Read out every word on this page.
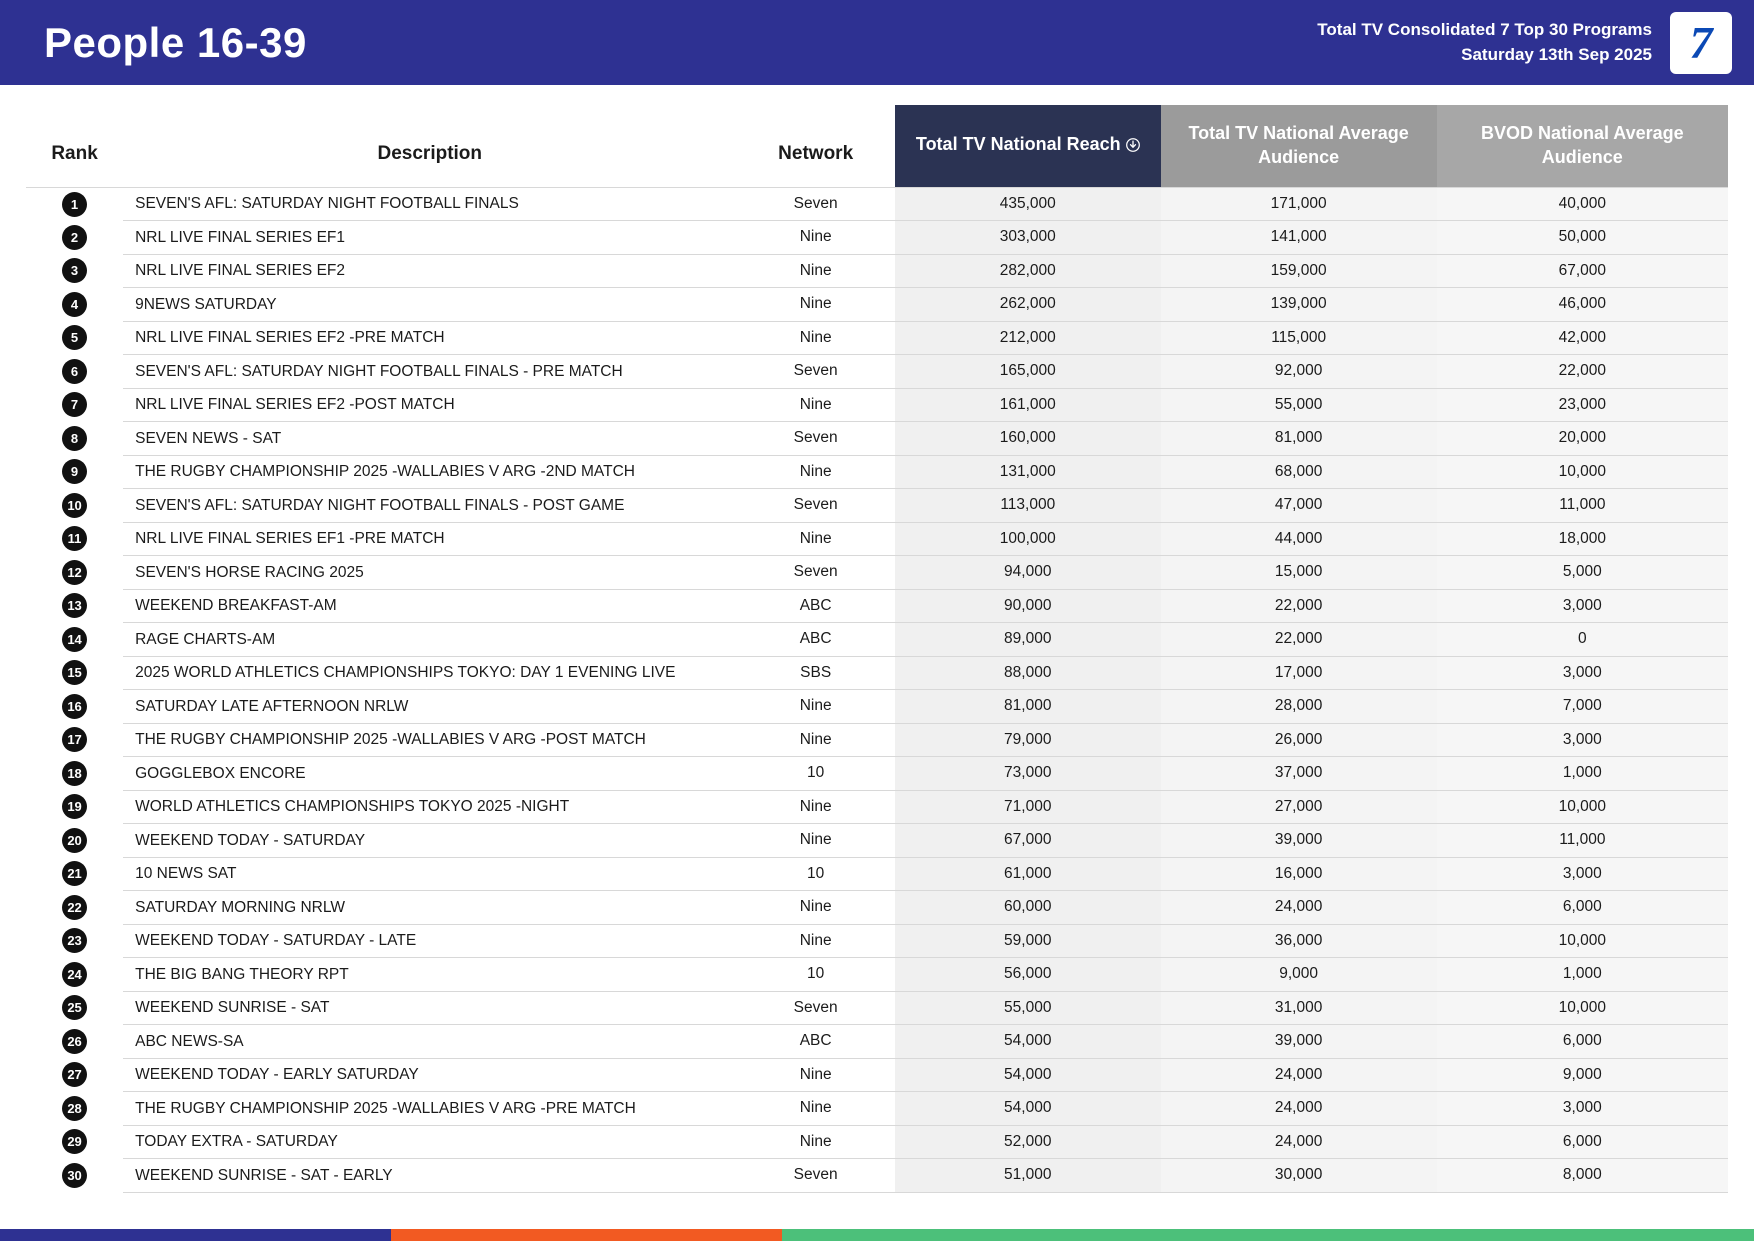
People 16-39	Total TV Consolidated 7 Top 30 Programs
Saturday 13th Sep 2025 7
Rank	Description	Network	Total TV National Reach	Total TV National Average Audience	BVOD National Average Audience
1	SEVEN'S AFL: SATURDAY NIGHT FOOTBALL FINALS	Seven	435,000	171,000	40,000
2	NRL LIVE FINAL SERIES EF1	Nine	303,000	141,000	50,000
3	NRL LIVE FINAL SERIES EF2	Nine	282,000	159,000	67,000
4	9NEWS SATURDAY	Nine	262,000	139,000	46,000
5	NRL LIVE FINAL SERIES EF2 -PRE MATCH	Nine	212,000	115,000	42,000
6	SEVEN'S AFL: SATURDAY NIGHT FOOTBALL FINALS - PRE MATCH	Seven	165,000	92,000	22,000
7	NRL LIVE FINAL SERIES EF2 -POST MATCH	Nine	161,000	55,000	23,000
8	SEVEN NEWS - SAT	Seven	160,000	81,000	20,000
9	THE RUGBY CHAMPIONSHIP 2025 -WALLABIES V ARG -2ND MATCH	Nine	131,000	68,000	10,000
10	SEVEN'S AFL: SATURDAY NIGHT FOOTBALL FINALS - POST GAME	Seven	113,000	47,000	11,000
11	NRL LIVE FINAL SERIES EF1 -PRE MATCH	Nine	100,000	44,000	18,000
12	SEVEN'S HORSE RACING 2025	Seven	94,000	15,000	5,000
13	WEEKEND BREAKFAST-AM	ABC	90,000	22,000	3,000
14	RAGE CHARTS-AM	ABC	89,000	22,000	0
15	2025 WORLD ATHLETICS CHAMPIONSHIPS TOKYO: DAY 1 EVENING LIVE	SBS	88,000	17,000	3,000
16	SATURDAY LATE AFTERNOON NRLW	Nine	81,000	28,000	7,000
17	THE RUGBY CHAMPIONSHIP 2025 -WALLABIES V ARG -POST MATCH	Nine	79,000	26,000	3,000
18	GOGGLEBOX ENCORE	10	73,000	37,000	1,000
19	WORLD ATHLETICS CHAMPIONSHIPS TOKYO 2025 -NIGHT	Nine	71,000	27,000	10,000
20	WEEKEND TODAY - SATURDAY	Nine	67,000	39,000	11,000
21	10 NEWS SAT	10	61,000	16,000	3,000
22	SATURDAY MORNING NRLW	Nine	60,000	24,000	6,000
23	WEEKEND TODAY - SATURDAY - LATE	Nine	59,000	36,000	10,000
24	THE BIG BANG THEORY RPT	10	56,000	9,000	1,000
25	WEEKEND SUNRISE - SAT	Seven	55,000	31,000	10,000
26	ABC NEWS-SA	ABC	54,000	39,000	6,000
27	WEEKEND TODAY - EARLY SATURDAY	Nine	54,000	24,000	9,000
28	THE RUGBY CHAMPIONSHIP 2025 -WALLABIES V ARG -PRE MATCH	Nine	54,000	24,000	3,000
29	TODAY EXTRA - SATURDAY	Nine	52,000	24,000	6,000
30	WEEKEND SUNRISE - SAT - EARLY	Seven	51,000	30,000	8,000
